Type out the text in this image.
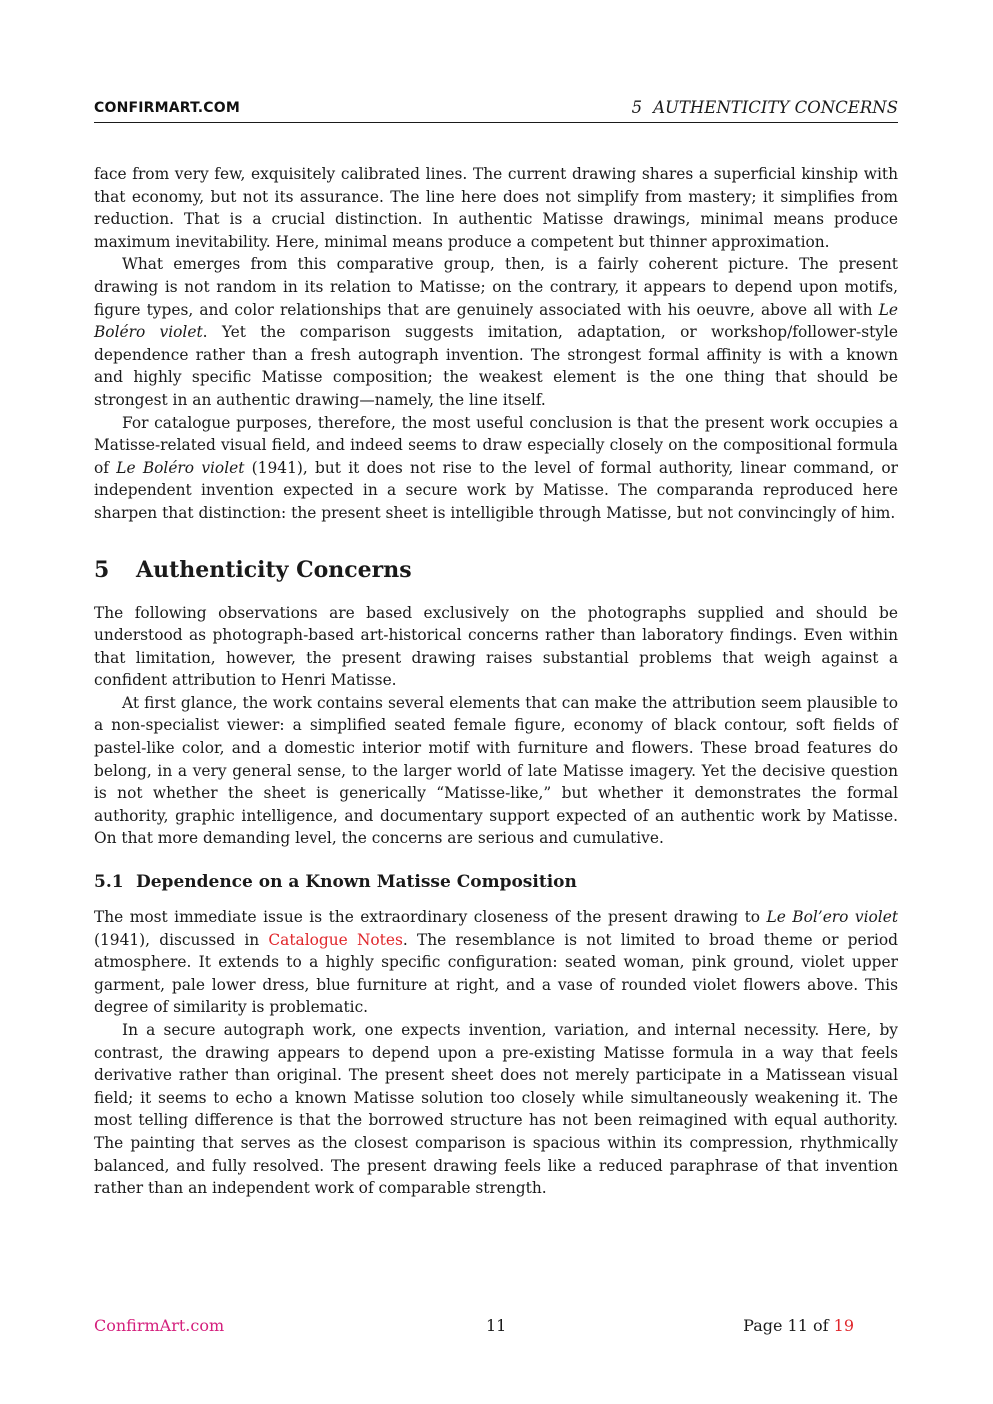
CONFIRMART.COM	5 AUTHENTICITY CONCERNS

face from very few, exquisitely calibrated lines. The current drawing shares a superficial kinship with that economy, but not its assurance. The line here does not simplify from mastery; it simplifies from reduction. That is a crucial distinction. In authentic Matisse drawings, minimal means produce maximum inevitability. Here, minimal means produce a competent but thinner approximation.

What emerges from this comparative group, then, is a fairly coherent picture. The present drawing is not random in its relation to Matisse; on the contrary, it appears to depend upon motifs, figure types, and color relationships that are genuinely associated with his oeuvre, above all with Le Boléro violet. Yet the comparison suggests imitation, adaptation, or workshop/follower-style dependence rather than a fresh autograph invention. The strongest formal affinity is with a known and highly specific Matisse composition; the weakest element is the one thing that should be strongest in an authentic drawing—namely, the line itself.

For catalogue purposes, therefore, the most useful conclusion is that the present work occupies a Matisse-related visual field, and indeed seems to draw especially closely on the compositional formula of Le Boléro violet (1941), but it does not rise to the level of formal authority, linear command, or independent invention expected in a secure work by Matisse. The comparanda reproduced here sharpen that distinction: the present sheet is intelligible through Matisse, but not convincingly of him.

5 Authenticity Concerns

The following observations are based exclusively on the photographs supplied and should be understood as photograph-based art-historical concerns rather than laboratory findings. Even within that limitation, however, the present drawing raises substantial problems that weigh against a confident attribution to Henri Matisse.

At first glance, the work contains several elements that can make the attribution seem plausible to a non-specialist viewer: a simplified seated female figure, economy of black contour, soft fields of pastel-like color, and a domestic interior motif with furniture and flowers. These broad features do belong, in a very general sense, to the larger world of late Matisse imagery. Yet the decisive question is not whether the sheet is generically “Matisse-like,” but whether it demonstrates the formal authority, graphic intelligence, and documentary support expected of an authentic work by Matisse. On that more demanding level, the concerns are serious and cumulative.

5.1 Dependence on a Known Matisse Composition

The most immediate issue is the extraordinary closeness of the present drawing to Le Bol’ero violet (1941), discussed in Catalogue Notes. The resemblance is not limited to broad theme or period atmosphere. It extends to a highly specific configuration: seated woman, pink ground, violet upper garment, pale lower dress, blue furniture at right, and a vase of rounded violet flowers above. This degree of similarity is problematic.

In a secure autograph work, one expects invention, variation, and internal necessity. Here, by contrast, the drawing appears to depend upon a pre-existing Matisse formula in a way that feels derivative rather than original. The present sheet does not merely participate in a Matissean visual field; it seems to echo a known Matisse solution too closely while simultaneously weakening it. The most telling difference is that the borrowed structure has not been reimagined with equal authority. The painting that serves as the closest comparison is spacious within its compression, rhythmically balanced, and fully resolved. The present drawing feels like a reduced paraphrase of that invention rather than an independent work of comparable strength.

ConfirmArt.com	11	Page 11 of 19
